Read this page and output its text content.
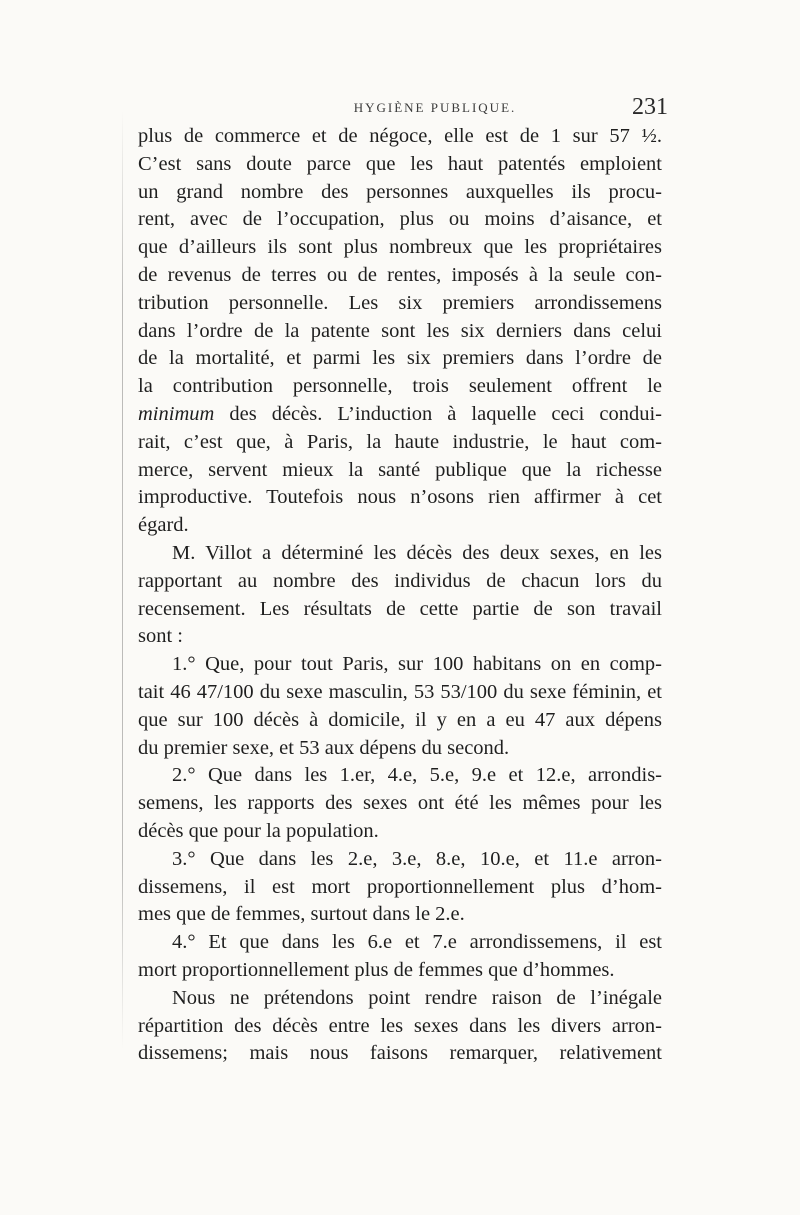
HYGIÈNE PUBLIQUE.	231
plus de commerce et de négoce, elle est de 1 sur 57 ½.
C’est sans doute parce que les haut patentés emploient
un grand nombre des personnes auxquelles ils procu-
rent, avec de l’occupation, plus ou moins d’aisance, et
que d’ailleurs ils sont plus nombreux que les propriétaires
de revenus de terres ou de rentes, imposés à la seule con-
tribution personnelle. Les six premiers arrondissemens
dans l’ordre de la patente sont les six derniers dans celui
de la mortalité, et parmi les six premiers dans l’ordre de
la contribution personnelle, trois seulement offrent le
minimum des décès. L’induction à laquelle ceci condui-
rait, c’est que, à Paris, la haute industrie, le haut com-
merce, servent mieux la santé publique que la richesse
improductive. Toutefois nous n’osons rien affirmer à cet
égard.
M. Villot a déterminé les décès des deux sexes, en les
rapportant au nombre des individus de chacun lors du
recensement. Les résultats de cette partie de son travail
sont :
1.° Que, pour tout Paris, sur 100 habitans on en comp-
tait 46 47/100 du sexe masculin, 53 53/100 du sexe féminin, et
que sur 100 décès à domicile, il y en a eu 47 aux dépens
du premier sexe, et 53 aux dépens du second.
2.° Que dans les 1.er, 4.e, 5.e, 9.e et 12.e, arrondis-
semens, les rapports des sexes ont été les mêmes pour les
décès que pour la population.
3.° Que dans les 2.e, 3.e, 8.e, 10.e, et 11.e arron-
dissemens, il est mort proportionnellement plus d’hom-
mes que de femmes, surtout dans le 2.e.
4.° Et que dans les 6.e et 7.e arrondissemens, il est
mort proportionnellement plus de femmes que d’hommes.
Nous ne prétendons point rendre raison de l’inégale
répartition des décès entre les sexes dans les divers arron-
dissemens; mais nous faisons remarquer, relativement
